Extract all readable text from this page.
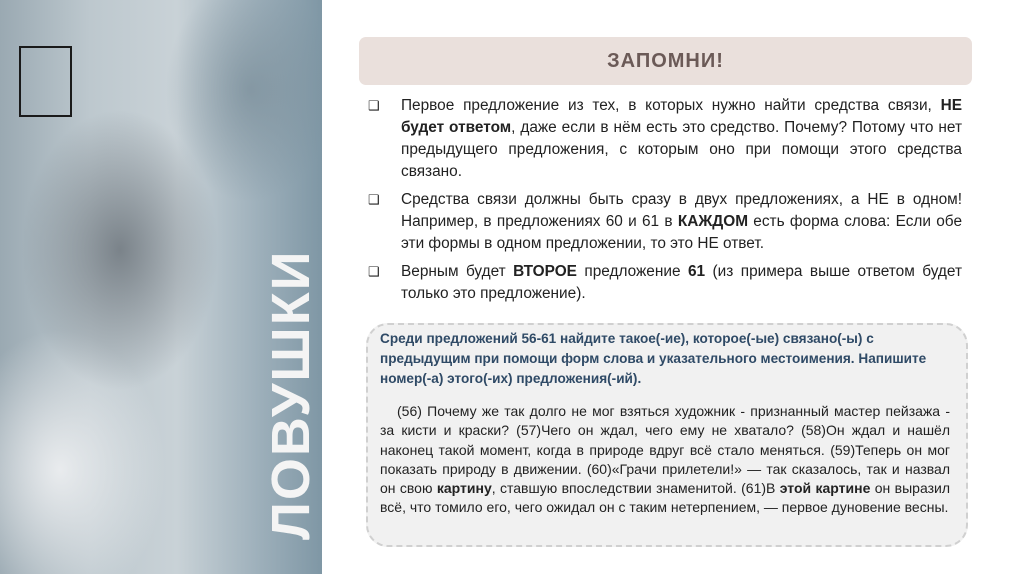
ЛОВУШКИ
ЗАПОМНИ!
❑ Первое предложение из тех, в которых нужно найти средства связи, НЕ будет ответом, даже если в нём есть это средство. Почему? Потому что нет предыдущего предложения, с которым оно при помощи этого средства связано.
❑ Средства связи должны быть сразу в двух предложениях, а НЕ в одном! Например, в предложениях 60 и 61 в КАЖДОМ есть форма слова: Если обе эти формы в одном предложении, то это НЕ ответ.
❑ Верным будет ВТОРОЕ предложение 61 (из примера выше ответом будет только это предложение).
Среди предложений 56-61 найдите такое(-ие), которое(-ые) связано(-ы) с предыдущим при помощи форм слова и указательного местоимения. Напишите номер(-а) этого(-их) предложения(-ий).
(56) Почему же так долго не мог взяться художник - признанный мастер пейзажа - за кисти и краски? (57)Чего он ждал, чего ему не хватало? (58)Он ждал и нашёл наконец такой момент, когда в природе вдруг всё стало меняться. (59)Теперь он мог показать природу в движении. (60)«Грачи прилетели!» — так сказалось, так и назвал он свою картину, ставшую впоследствии знаменитой. (61)В этой картине он выразил всё, что томило его, чего ожидал он с таким нетерпением, — первое дуновение весны.
